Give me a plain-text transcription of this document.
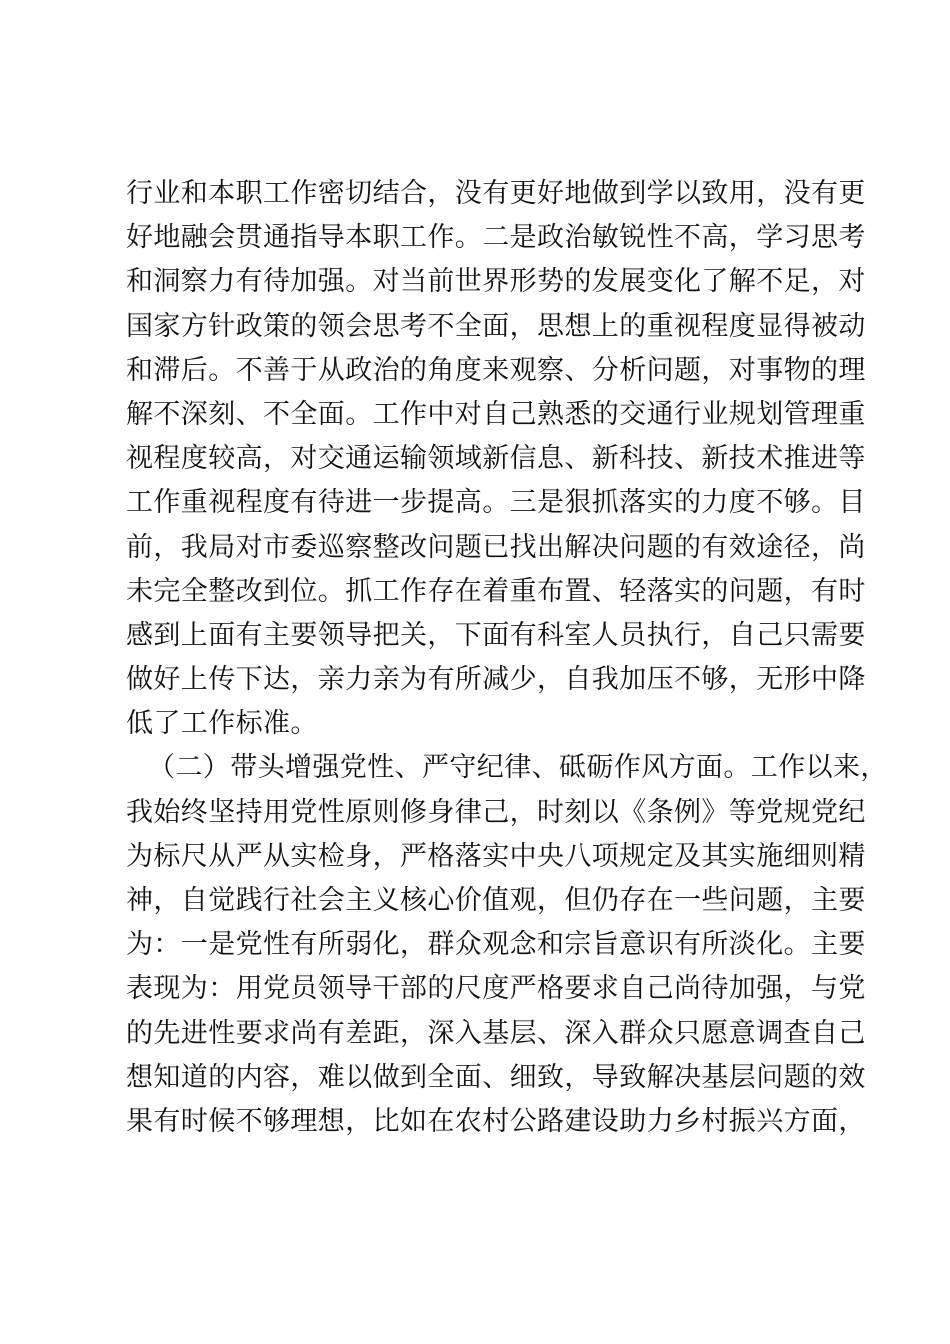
行业和本职工作密切结合，没有更好地做到学以致用，没有更
好地融会贯通指导本职工作。二是政治敏锐性不高，学习思考
和洞察力有待加强。对当前世界形势的发展变化了解不足，对
国家方针政策的领会思考不全面，思想上的重视程度显得被动
和滞后。不善于从政治的角度来观察、分析问题，对事物的理
解不深刻、不全面。工作中对自己熟悉的交通行业规划管理重
视程度较高，对交通运输领域新信息、新科技、新技术推进等
工作重视程度有待进一步提高。三是狠抓落实的力度不够。目
前，我局对市委巡察整改问题已找出解决问题的有效途径，尚
未完全整改到位。抓工作存在着重布置、轻落实的问题，有时
感到上面有主要领导把关，下面有科室人员执行，自己只需要
做好上传下达，亲力亲为有所减少，自我加压不够，无形中降
低了工作标准。
（二）带头增强党性、严守纪律、砥砺作风方面。工作以来，
我始终坚持用党性原则修身律己，时刻以《条例》等党规党纪
为标尺从严从实检身，严格落实中央八项规定及其实施细则精
神，自觉践行社会主义核心价值观，但仍存在一些问题，主要
为：一是党性有所弱化，群众观念和宗旨意识有所淡化。主要
表现为：用党员领导干部的尺度严格要求自己尚待加强，与党
的先进性要求尚有差距，深入基层、深入群众只愿意调查自己
想知道的内容，难以做到全面、细致，导致解决基层问题的效
果有时候不够理想，比如在农村公路建设助力乡村振兴方面，
